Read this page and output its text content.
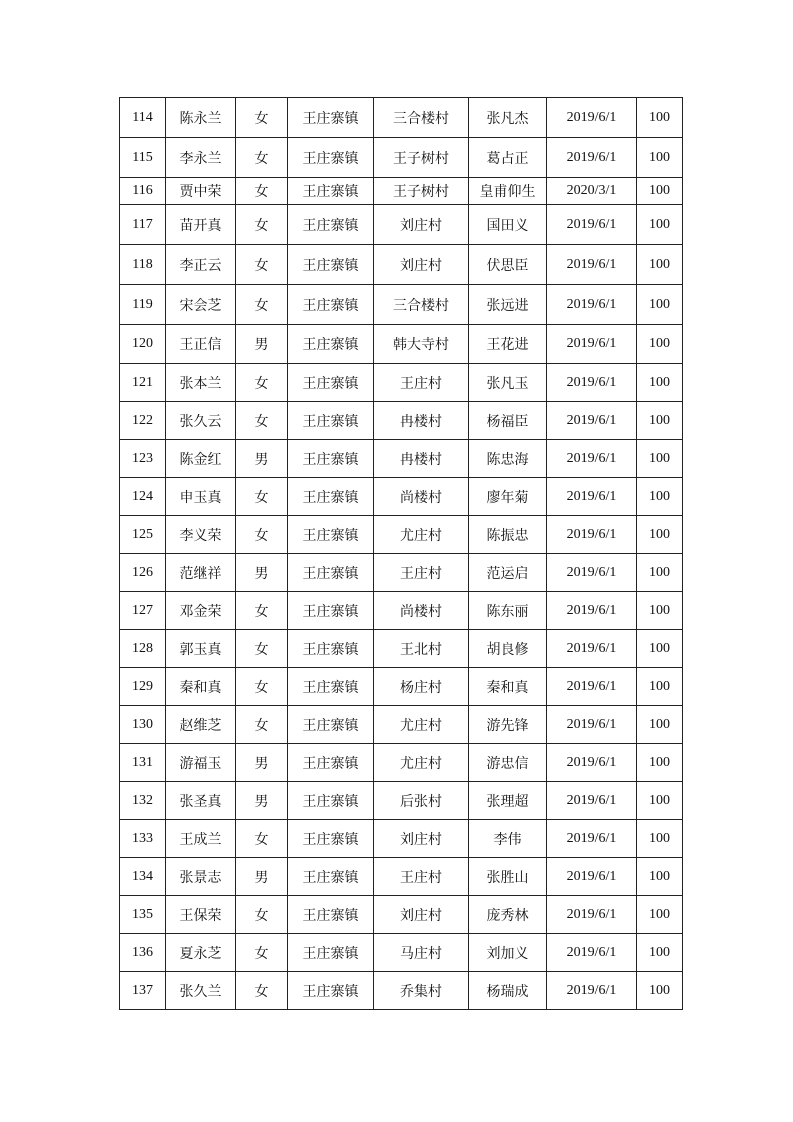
114	陈永兰	女	王庄寨镇	三合楼村	张凡杰	2019/6/1	100
115	李永兰	女	王庄寨镇	王子树村	葛占正	2019/6/1	100
116	贾中荣	女	王庄寨镇	王子树村	皇甫仰生	2020/3/1	100
117	苗开真	女	王庄寨镇	刘庄村	国田义	2019/6/1	100
118	李正云	女	王庄寨镇	刘庄村	伏思臣	2019/6/1	100
119	宋会芝	女	王庄寨镇	三合楼村	张远进	2019/6/1	100
120	王正信	男	王庄寨镇	韩大寺村	王花进	2019/6/1	100
121	张本兰	女	王庄寨镇	王庄村	张凡玉	2019/6/1	100
122	张久云	女	王庄寨镇	冉楼村	杨福臣	2019/6/1	100
123	陈金红	男	王庄寨镇	冉楼村	陈忠海	2019/6/1	100
124	申玉真	女	王庄寨镇	尚楼村	廖年菊	2019/6/1	100
125	李义荣	女	王庄寨镇	尤庄村	陈振忠	2019/6/1	100
126	范继祥	男	王庄寨镇	王庄村	范运启	2019/6/1	100
127	邓金荣	女	王庄寨镇	尚楼村	陈东丽	2019/6/1	100
128	郭玉真	女	王庄寨镇	王北村	胡良修	2019/6/1	100
129	秦和真	女	王庄寨镇	杨庄村	秦和真	2019/6/1	100
130	赵维芝	女	王庄寨镇	尤庄村	游先锋	2019/6/1	100
131	游福玉	男	王庄寨镇	尤庄村	游忠信	2019/6/1	100
132	张圣真	男	王庄寨镇	后张村	张理超	2019/6/1	100
133	王成兰	女	王庄寨镇	刘庄村	李伟	2019/6/1	100
134	张景志	男	王庄寨镇	王庄村	张胜山	2019/6/1	100
135	王保荣	女	王庄寨镇	刘庄村	庞秀林	2019/6/1	100
136	夏永芝	女	王庄寨镇	马庄村	刘加义	2019/6/1	100
137	张久兰	女	王庄寨镇	乔集村	杨瑞成	2019/6/1	100
